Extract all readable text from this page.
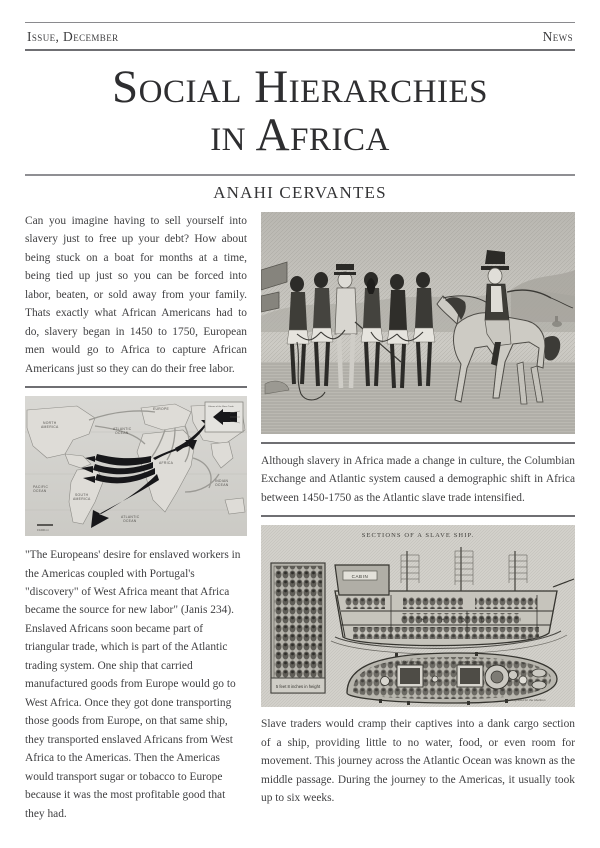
Issue, December	News
Social Hierarchies
in Africa
ANAHI CERVANTES

Can you imagine having to sell yourself into slavery just to free up your debt? How about being stuck on a boat for months at a time, being tied up just so you can be forced into labor, beaten, or sold away from your family. Thats exactly what African Americans had to do, slavery began in 1450 to 1750, European men would go to Africa to capture African Americans just so they can do their free labor.

NORTH
AMERICA
SOUTH
AMERICA
EUROPE
AFRICA
ATLANTIC
OCEAN
PACIFIC
OCEAN
INDIAN
OCEAN
ATLANTIC
OCEAN
Volume of the Slave Trade
0 1000 mi

"The Europeans' desire for enslaved workers in the Americas coupled with Portugal's "discovery" of West Africa meant that Africa became the source for new labor" (Janis 234). Enslaved Africans soon became part of triangular trade, which is part of the Atlantic trading system. One ship that carried manufactured goods from Europe would go to West Africa. Once they got done transporting those goods from Europe, on that same ship, they transported enslaved Africans from West Africa to the Americas. Then the Americas would transport sugar or tobacco to Europe because it was the most profitable good that they had.

Although slavery in Africa made a change in culture, the Columbian Exchange and Atlantic system caused a demographic shift in Africa between 1450-1750 as the Atlantic slave trade intensified.

SECTIONS OF A SLAVE SHIP.
5 feet 8 inches in height
CABIN
H	H	D	D
Half Deck	Lower Deck
Engraved for the Abolition

Slave traders would cramp their captives into a dank cargo section of a ship, providing little to no water, food, or even room for movement. This journey across the Atlantic Ocean was known as the middle passage. During the journey to the Americas, it usually took up to six weeks.
